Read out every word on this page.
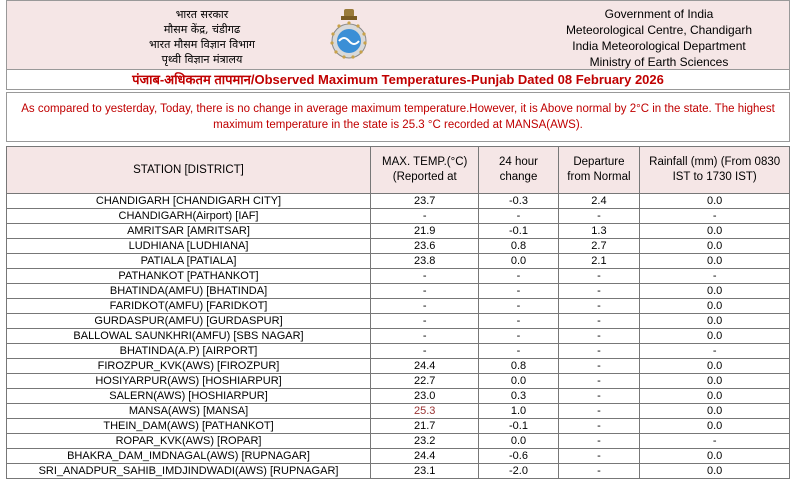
भारत सरकार
मौसम केंद्र, चंडीगढ
भारत मौसम विज्ञान विभाग
पृथ्वी विज्ञान मंत्रालय
Government of India
Meteorological Centre, Chandigarh
India Meteorological Department
Ministry of Earth Sciences
पंजाब-अधिकतम तापमान/Observed Maximum Temperatures-Punjab Dated 08 February 2026
As compared to yesterday, Today, there is no change in average maximum temperature.However, it is Above normal by 2°C in the state. The highest maximum temperature in the state is 25.3 °C recorded at MANSA(AWS).
STATION [DISTRICT]	MAX. TEMP.(°C) (Reported at	24 hour change	Departure from Normal	Rainfall (mm) (From 0830 IST to 1730 IST)
CHANDIGARH [CHANDIGARH CITY]	23.7	-0.3	2.4	0.0
CHANDIGARH(Airport) [IAF]	-	-	-	-
AMRITSAR [AMRITSAR]	21.9	-0.1	1.3	0.0
LUDHIANA [LUDHIANA]	23.6	0.8	2.7	0.0
PATIALA [PATIALA]	23.8	0.0	2.1	0.0
PATHANKOT [PATHANKOT]	-	-	-	-
BHATINDA(AMFU) [BHATINDA]	-	-	-	0.0
FARIDKOT(AMFU) [FARIDKOT]	-	-	-	0.0
GURDASPUR(AMFU) [GURDASPUR]	-	-	-	0.0
BALLOWAL SAUNKHRI(AMFU) [SBS NAGAR]	-	-	-	0.0
BHATINDA(A.P) [AIRPORT]	-	-	-	-
FIROZPUR_KVK(AWS) [FIROZPUR]	24.4	0.8	-	0.0
HOSIYARPUR(AWS) [HOSHIARPUR]	22.7	0.0	-	0.0
SALERN(AWS) [HOSHIARPUR]	23.0	0.3	-	0.0
MANSA(AWS) [MANSA]	25.3	1.0	-	0.0
THEIN_DAM(AWS) [PATHANKOT]	21.7	-0.1	-	0.0
ROPAR_KVK(AWS) [ROPAR]	23.2	0.0	-	-
BHAKRA_DAM_IMDNAGAL(AWS) [RUPNAGAR]	24.4	-0.6	-	0.0
SRI_ANADPUR_SAHIB_IMDJINDWADI(AWS) [RUPNAGAR]	23.1	-2.0	-	0.0
